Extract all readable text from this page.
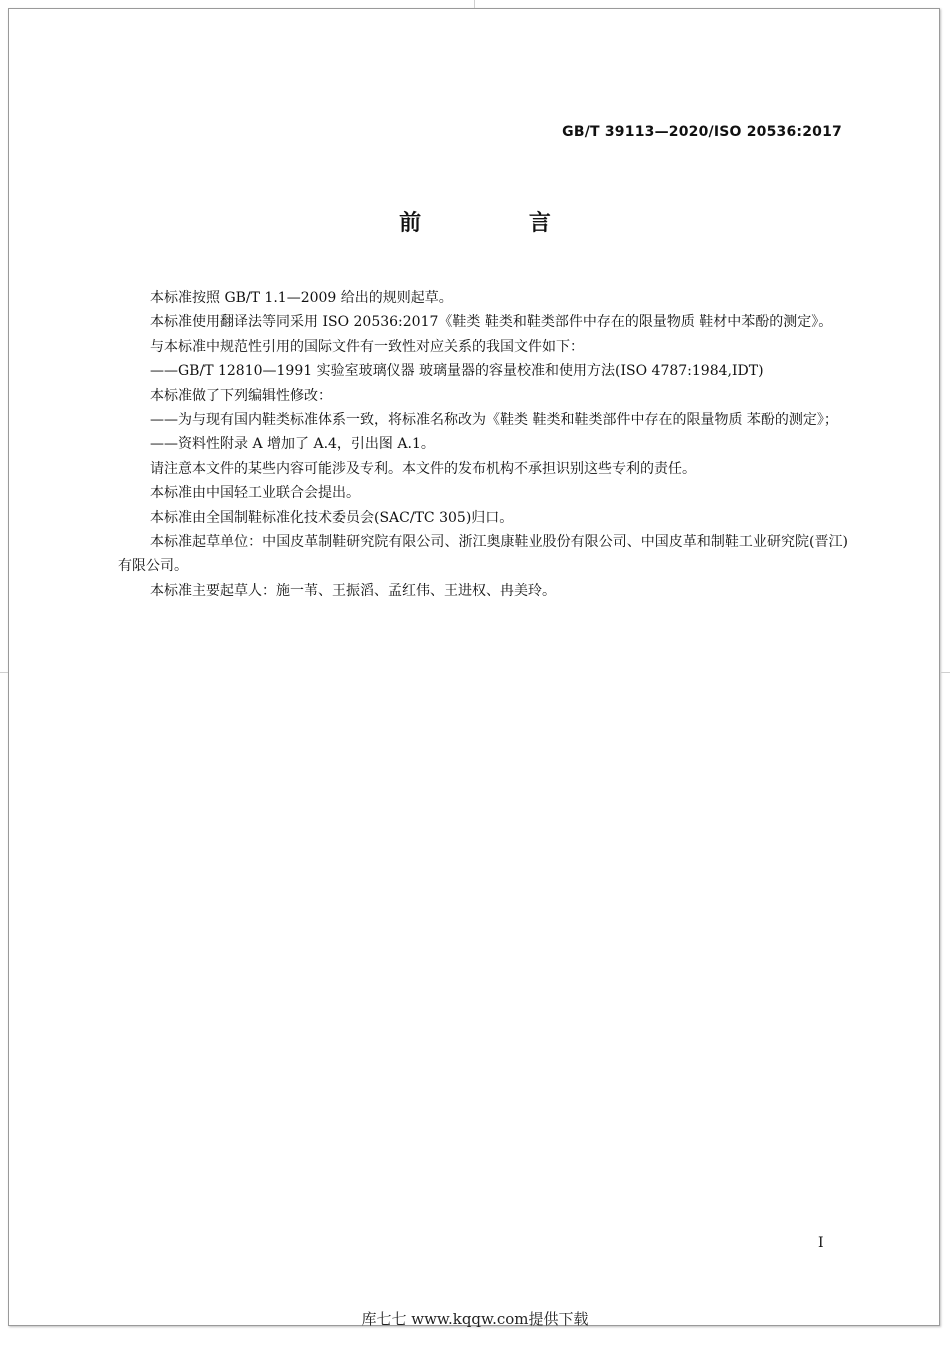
GB/T 39113—2020/ISO 20536:2017
前 言

本标准按照 GB/T 1.1—2009 给出的规则起草。

本标准使用翻译法等同采用 ISO 20536:2017《鞋类 鞋类和鞋类部件中存在的限量物质 鞋材中苯酚的测定》。

与本标准中规范性引用的国际文件有一致性对应关系的我国文件如下：

——GB/T 12810—1991 实验室玻璃仪器 玻璃量器的容量校准和使用方法(ISO 4787:1984,IDT)

本标准做了下列编辑性修改：

——为与现有国内鞋类标准体系一致，将标准名称改为《鞋类 鞋类和鞋类部件中存在的限量物质 苯酚的测定》；

——资料性附录 A 增加了 A.4，引出图 A.1。

请注意本文件的某些内容可能涉及专利。本文件的发布机构不承担识别这些专利的责任。

本标准由中国轻工业联合会提出。

本标准由全国制鞋标准化技术委员会(SAC/TC 305)归口。

本标准起草单位：中国皮革制鞋研究院有限公司、浙江奥康鞋业股份有限公司、中国皮革和制鞋工业研究院(晋江)有限公司。

本标准主要起草人：施一苇、王振滔、孟红伟、王进权、冉美玲。

I
库七七 www.kqqw.com提供下载
